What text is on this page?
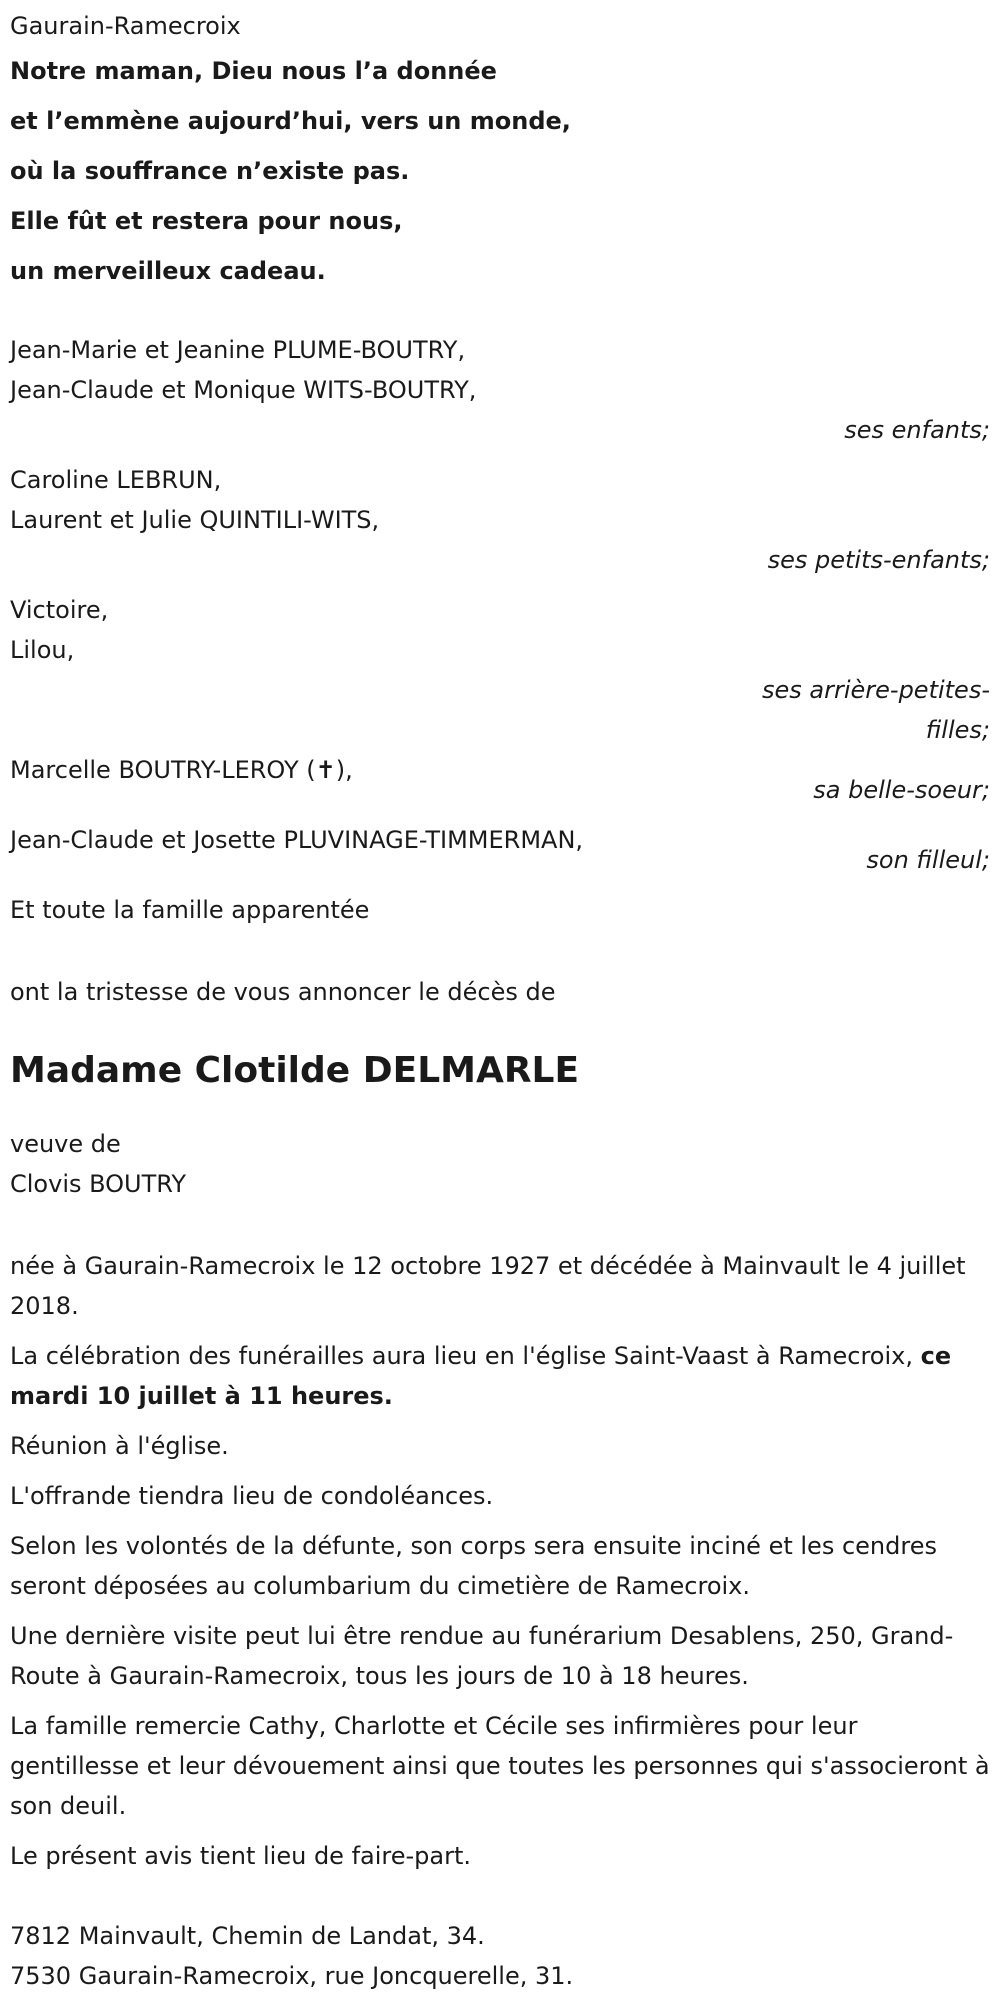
Gaurain-Ramecroix
Notre maman, Dieu nous l’a donnée
et l’emmène aujourd’hui, vers un monde,
où la souffrance n’existe pas.
Elle fût et restera pour nous,
un merveilleux cadeau.
Jean-Marie et Jeanine PLUME-BOUTRY,
Jean-Claude et Monique WITS-BOUTRY,
ses enfants;
Caroline LEBRUN,
Laurent et Julie QUINTILI-WITS,
ses petits-enfants;
Victoire,
Lilou,
ses arrière-petites-filles;
Marcelle BOUTRY-LEROY (✝),
sa belle-soeur;
Jean-Claude et Josette PLUVINAGE-TIMMERMAN,
son filleul;
Et toute la famille apparentée
ont la tristesse de vous annoncer le décès de
Madame Clotilde DELMARLE
veuve de
Clovis BOUTRY

née à Gaurain-Ramecroix le 12 octobre 1927 et décédée à Mainvault le 4 juillet 2018.

La célébration des funérailles aura lieu en l'église Saint-Vaast à Ramecroix, ce mardi 10 juillet à 11 heures.

Réunion à l'église.

L'offrande tiendra lieu de condoléances.

Selon les volontés de la défunte, son corps sera ensuite inciné et les cendres seront déposées au columbarium du cimetière de Ramecroix.

Une dernière visite peut lui être rendue au funérarium Desablens, 250, Grand-Route à Gaurain-Ramecroix, tous les jours de 10 à 18 heures.

La famille remercie Cathy, Charlotte et Cécile ses infirmières pour leur gentillesse et leur dévouement ainsi que toutes les personnes qui s'associeront à son deuil.

Le présent avis tient lieu de faire-part.

7812 Mainvault, Chemin de Landat, 34.
7530 Gaurain-Ramecroix, rue Joncquerelle, 31.
